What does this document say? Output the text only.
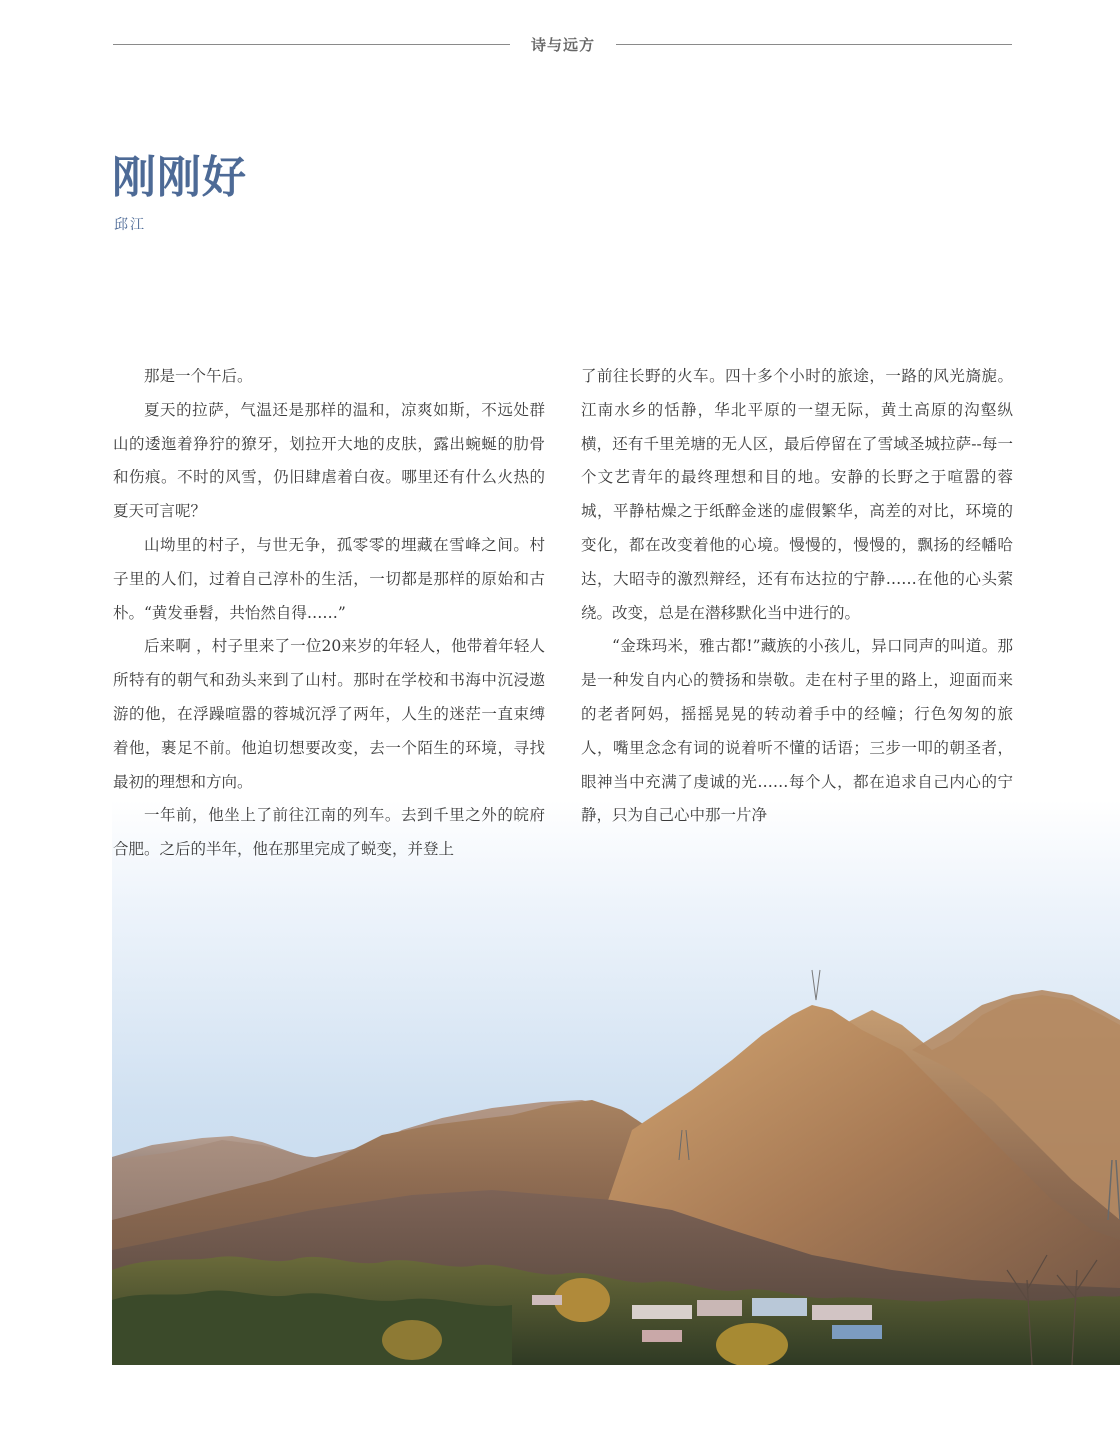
诗与远方
刚刚好
邱江

那是一个午后。

夏天的拉萨，气温还是那样的温和，凉爽如斯，不远处群山的逶迤着狰狞的獠牙，划拉开大地的皮肤，露出蜿蜒的肋骨和伤痕。不时的风雪，仍旧肆虐着白夜。哪里还有什么火热的夏天可言呢？

山坳里的村子，与世无争，孤零零的埋藏在雪峰之间。村子里的人们，过着自己淳朴的生活，一切都是那样的原始和古朴。“黄发垂髫，共怡然自得……”

后来啊 ，村子里来了一位20来岁的年轻人，他带着年轻人所特有的朝气和劲头来到了山村。那时在学校和书海中沉浸遨游的他，在浮躁喧嚣的蓉城沉浮了两年，人生的迷茫一直束缚着他，裹足不前。他迫切想要改变，去一个陌生的环境，寻找最初的理想和方向。

一年前，他坐上了前往江南的列车。去到千里之外的皖府合肥。之后的半年，他在那里完成了蜕变，并登上

了前往长野的火车。四十多个小时的旅途，一路的风光旖旎。江南水乡的恬静，华北平原的一望无际，黄土高原的沟壑纵横，还有千里羌塘的无人区，最后停留在了雪域圣城拉萨--每一个文艺青年的最终理想和目的地。安静的长野之于喧嚣的蓉城，平静枯燥之于纸醉金迷的虚假繁华，高差的对比，环境的变化，都在改变着他的心境。慢慢的，慢慢的，飘扬的经幡哈达，大昭寺的激烈辩经，还有布达拉的宁静……在他的心头萦绕。改变，总是在潜移默化当中进行的。

“金珠玛米，雅古都!”藏族的小孩儿，异口同声的叫道。那是一种发自内心的赞扬和崇敬。走在村子里的路上，迎面而来的老者阿妈，摇摇晃晃的转动着手中的经幢；行色匆匆的旅人，嘴里念念有词的说着听不懂的话语；三步一叩的朝圣者，眼神当中充满了虔诚的光……每个人，都在追求自己内心的宁静，只为自己心中那一片净
